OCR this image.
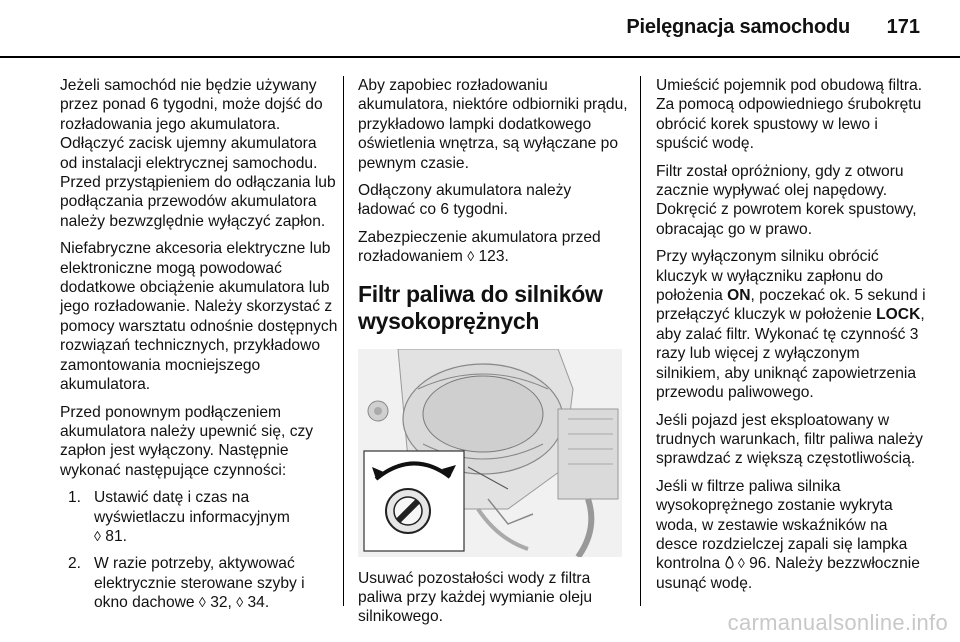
Pielęgnacja samochodu 171

Jeżeli samochód nie będzie używany przez ponad 6 tygodni, może dojść do rozładowania jego akumulatora. Odłączyć zacisk ujemny akumulatora od instalacji elektrycznej samochodu. Przed przystąpieniem do odłączania lub podłączania przewodów akumulatora należy bezwzględnie wyłączyć zapłon.

Niefabryczne akcesoria elektryczne lub elektroniczne mogą powodować dodatkowe obciążenie akumulatora lub jego rozładowanie. Należy skorzystać z pomocy warsztatu odnośnie dostępnych rozwiązań technicznych, przykładowo zamontowania mocniejszego akumulatora.

Przed ponownym podłączeniem akumulatora należy upewnić się, czy zapłon jest wyłączony. Następnie wykonać następujące czynności:

1. Ustawić datę i czas na wyświetlaczu informacyjnym
◊ 81.
2. W razie potrzeby, aktywować elektrycznie sterowane szyby i okno dachowe ◊ 32, ◊ 34.

Aby zapobiec rozładowaniu akumulatora, niektóre odbiorniki prądu, przykładowo lampki dodatkowego oświetlenia wnętrza, są wyłączane po pewnym czasie.

Odłączony akumulatora należy ładować co 6 tygodni.

Zabezpieczenie akumulatora przed rozładowaniem ◊ 123.

Filtr paliwa do silników wysokoprężnych

Usuwać pozostałości wody z filtra paliwa przy każdej wymianie oleju silnikowego.

Umieścić pojemnik pod obudową filtra. Za pomocą odpowiedniego śrubokrętu obrócić korek spustowy w lewo i spuścić wodę.

Filtr został opróżniony, gdy z otworu zacznie wypływać olej napędowy. Dokręcić z powrotem korek spustowy, obracając go w prawo.

Przy wyłączonym silniku obrócić kluczyk w wyłączniku zapłonu do położenia ON, poczekać ok. 5 sekund i przełączyć kluczyk w położenie LOCK, aby zalać filtr. Wykonać tę czynność 3 razy lub więcej z wyłączonym silnikiem, aby uniknąć zapowietrzenia przewodu paliwowego.

Jeśli pojazd jest eksploatowany w trudnych warunkach, filtr paliwa należy sprawdzać z większą częstotliwością.

Jeśli w filtrze paliwa silnika wysokoprężnego zostanie wykryta woda, w zestawie wskaźników na desce rozdzielczej zapali się lampka kontrolna ◊ 96. Należy bezzwłocznie usunąć wodę.

carmanualsonline.info
